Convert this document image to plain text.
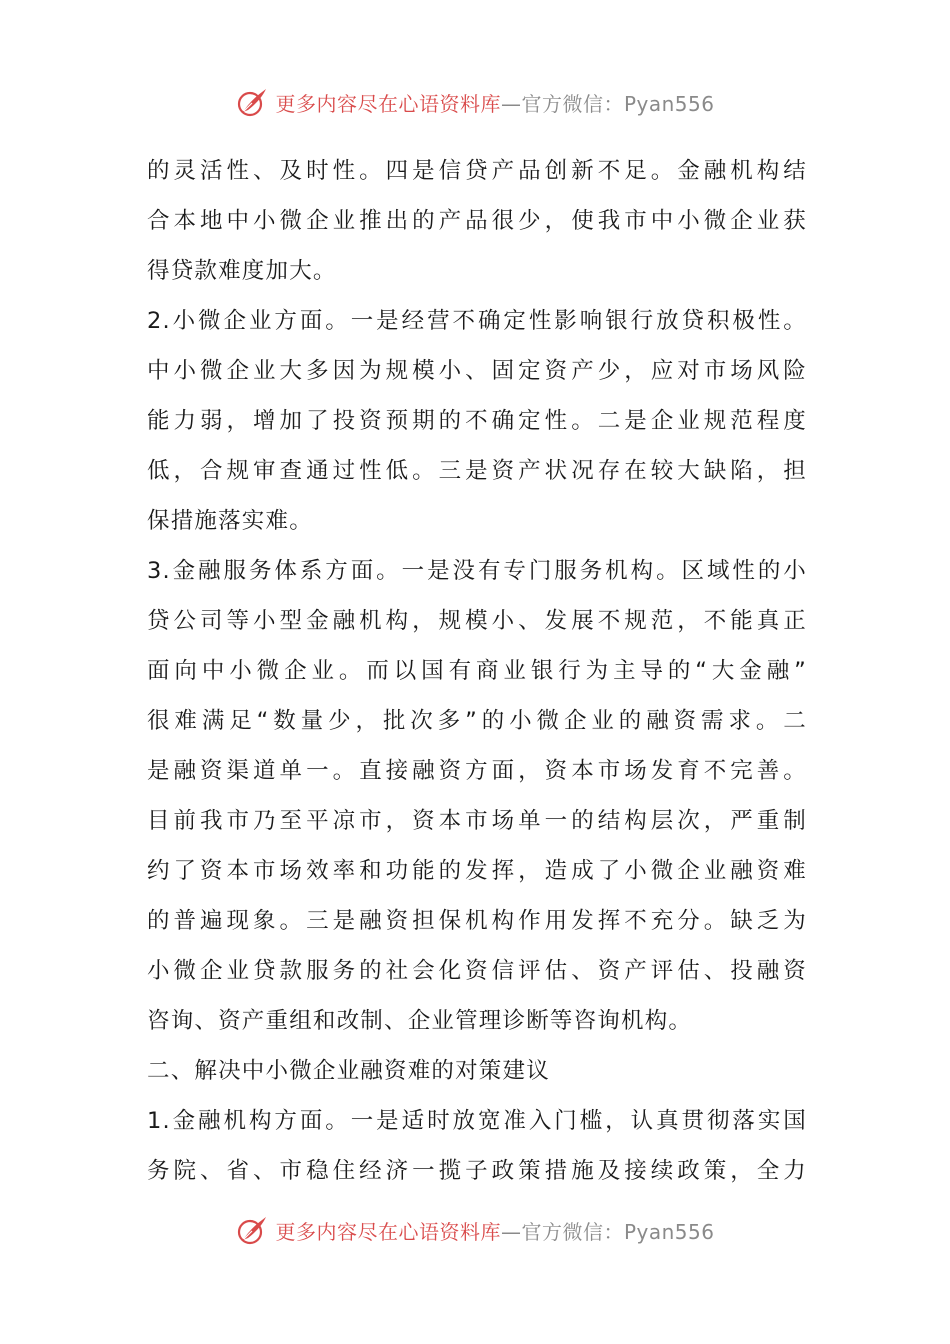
更多内容尽在心语资料库—官方微信：Pyan556
的灵活性、及时性。四是信贷产品创新不足。金融机构结
合本地中小微企业推出的产品很少，使我市中小微企业获
得贷款难度加大。
2.小微企业方面。一是经营不确定性影响银行放贷积极性。
中小微企业大多因为规模小、固定资产少，应对市场风险
能力弱，增加了投资预期的不确定性。二是企业规范程度
低，合规审查通过性低。三是资产状况存在较大缺陷，担
保措施落实难。
3.金融服务体系方面。一是没有专门服务机构。区域性的小
贷公司等小型金融机构，规模小、发展不规范，不能真正
面向中小微企业。而以国有商业银行为主导的“大金融”
很难满足“数量少，批次多”的小微企业的融资需求。二
是融资渠道单一。直接融资方面，资本市场发育不完善。
目前我市乃至平凉市，资本市场单一的结构层次，严重制
约了资本市场效率和功能的发挥，造成了小微企业融资难
的普遍现象。三是融资担保机构作用发挥不充分。缺乏为
小微企业贷款服务的社会化资信评估、资产评估、投融资
咨询、资产重组和改制、企业管理诊断等咨询机构。
二、解决中小微企业融资难的对策建议
1.金融机构方面。一是适时放宽准入门槛，认真贯彻落实国
务院、省、市稳住经济一揽子政策措施及接续政策，全力
更多内容尽在心语资料库—官方微信：Pyan556
